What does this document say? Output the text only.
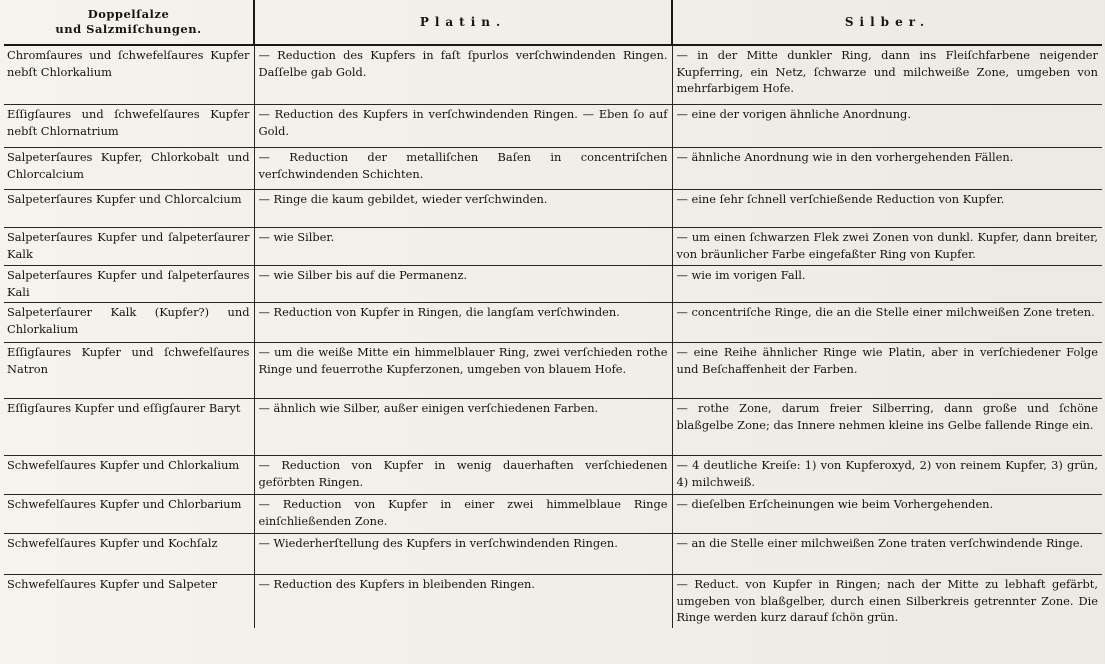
Doppelſalze
und Salzmiſchungen.	Platin.	Silber.
Chromſaures und ſchwefelſaures Kupfer nebſt Chlorkalium	— Reduction des Kupfers in faſt ſpurlos verſchwindenden Ringen. Daſſelbe gab Gold.	— in der Mitte dunkler Ring, dann ins Fleiſchfarbene neigender Kupferring, ein Netz, ſchwarze und milchweiße Zone, umgeben von mehrfarbigem Hofe.
Eſſigſaures und ſchwefelſaures Kupfer nebſt Chlornatrium	— Reduction des Kupfers in verſchwindenden Ringen. — Eben ſo auf Gold.	— eine der vorigen ähnliche Anordnung.
Salpeterſaures Kupfer, Chlorkobalt und Chlorcalcium	— Reduction der metalliſchen Baſen in concentriſchen verſchwindenden Schichten.	— ähnliche Anordnung wie in den vorhergehenden Fällen.
Salpeterſaures Kupfer und Chlorcalcium	— Ringe die kaum gebildet, wieder verſchwinden.	— eine ſehr ſchnell verſchießende Reduction von Kupfer.
Salpeterſaures Kupfer und ſalpeterſaurer Kalk	— wie Silber.	— um einen ſchwarzen Flek zwei Zonen von dunkl. Kupfer, dann breiter, von bräunlicher Farbe eingefaßter Ring von Kupfer.
Salpeterſaures Kupfer und ſalpeterſaures Kali	— wie Silber bis auf die Permanenz.	— wie im vorigen Fall.
Salpeterſaurer Kalk (Kupfer?) und Chlorkalium	— Reduction von Kupfer in Ringen, die langſam verſchwinden.	— concentriſche Ringe, die an die Stelle einer milchweißen Zone treten.
Eſſigſaures Kupfer und ſchwefelſaures Natron	— um die weiße Mitte ein himmelblauer Ring, zwei verſchieden rothe Ringe und feuerrothe Kupferzonen, umgeben von blauem Hofe.	— eine Reihe ähnlicher Ringe wie Platin, aber in verſchiedener Folge und Beſchaffenheit der Farben.
Eſſigſaures Kupfer und eſſigſaurer Baryt	— ähnlich wie Silber, außer einigen verſchiedenen Farben.	— rothe Zone, darum freier Silberring, dann große und ſchöne blaßgelbe Zone; das Innere nehmen kleine ins Gelbe fallende Ringe ein.
Schwefelſaures Kupfer und Chlorkalium	— Reduction von Kupfer in wenig dauerhaften verſchiedenen geförbten Ringen.	— 4 deutliche Kreiſe: 1) von Kupferoxyd, 2) von reinem Kupfer, 3) grün, 4) milchweiß.
Schwefelſaures Kupfer und Chlorbarium	— Reduction von Kupfer in einer zwei himmelblaue Ringe einſchließenden Zone.	— dieſelben Erſcheinungen wie beim Vorhergehenden.
Schwefelſaures Kupfer und Kochſalz	— Wiederherſtellung des Kupfers in verſchwindenden Ringen.	— an die Stelle einer milchweißen Zone traten verſchwindende Ringe.
Schwefelſaures Kupfer und Salpeter	— Reduction des Kupfers in bleibenden Ringen.	— Reduct. von Kupfer in Ringen; nach der Mitte zu lebhaft gefärbt, umgeben von blaßgelber, durch einen Silberkreis getrennter Zone. Die Ringe werden kurz darauf ſchön grün.
